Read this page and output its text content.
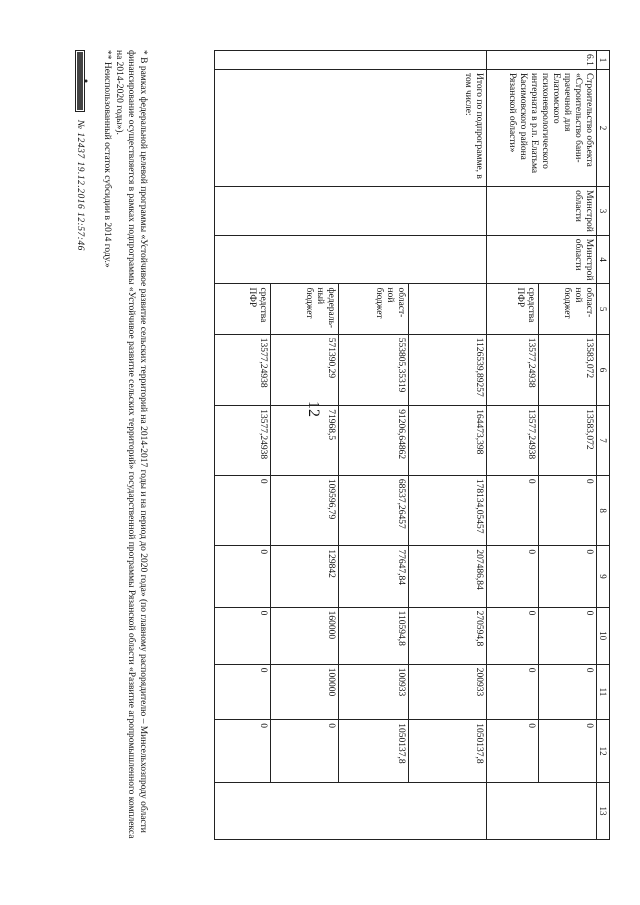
12
1	2	3	4	5	6	7	8	9	10	11	12	13
6.1	Строительство объекта «Строительство бани-прачечной для Елатомского психоневрологического интерната в р.п. Елатьма Касимовского района Рязанской области»	Минстрой области	Минстрой области	област-ной бюджет	13583,072	13583,072	0	0	0	0	0	
				средства ПФР	13577,24938	13577,24938	0	0	0	0	0	
	Итого по подпрограмме, в том числе:				1126539,89257	164473,398	178134,05457	207486,84	270594,8	200933	1050137,8	
				област-ной бюджет	553805,35319	91206,64862	68537,26457	77647,84	110594,8	100933	1050137,8	
				федераль-ный бюджет	571390,29	71968,5	109596,79	129842	160000	100000	0	
				средства ПФР	13577,24938	13577,24938	0	0	0	0	0	
* В рамках федеральной целевой программы «Устойчивое развитие сельских территорий на 2014-2017 годы и на период до 2020 года» (по главному распорядителю – Минсельхозпроду области финансирование осуществляется в рамках подпрограммы «Устойчивое развитие сельских территорий» государственной программы Рязанской области «Развитие агропромышленного комплекса на 2014-2020 годы»).
** Неиспользованный остаток субсидии в 2014 году.»
№ 12437 19.12.2016 12:57:46
